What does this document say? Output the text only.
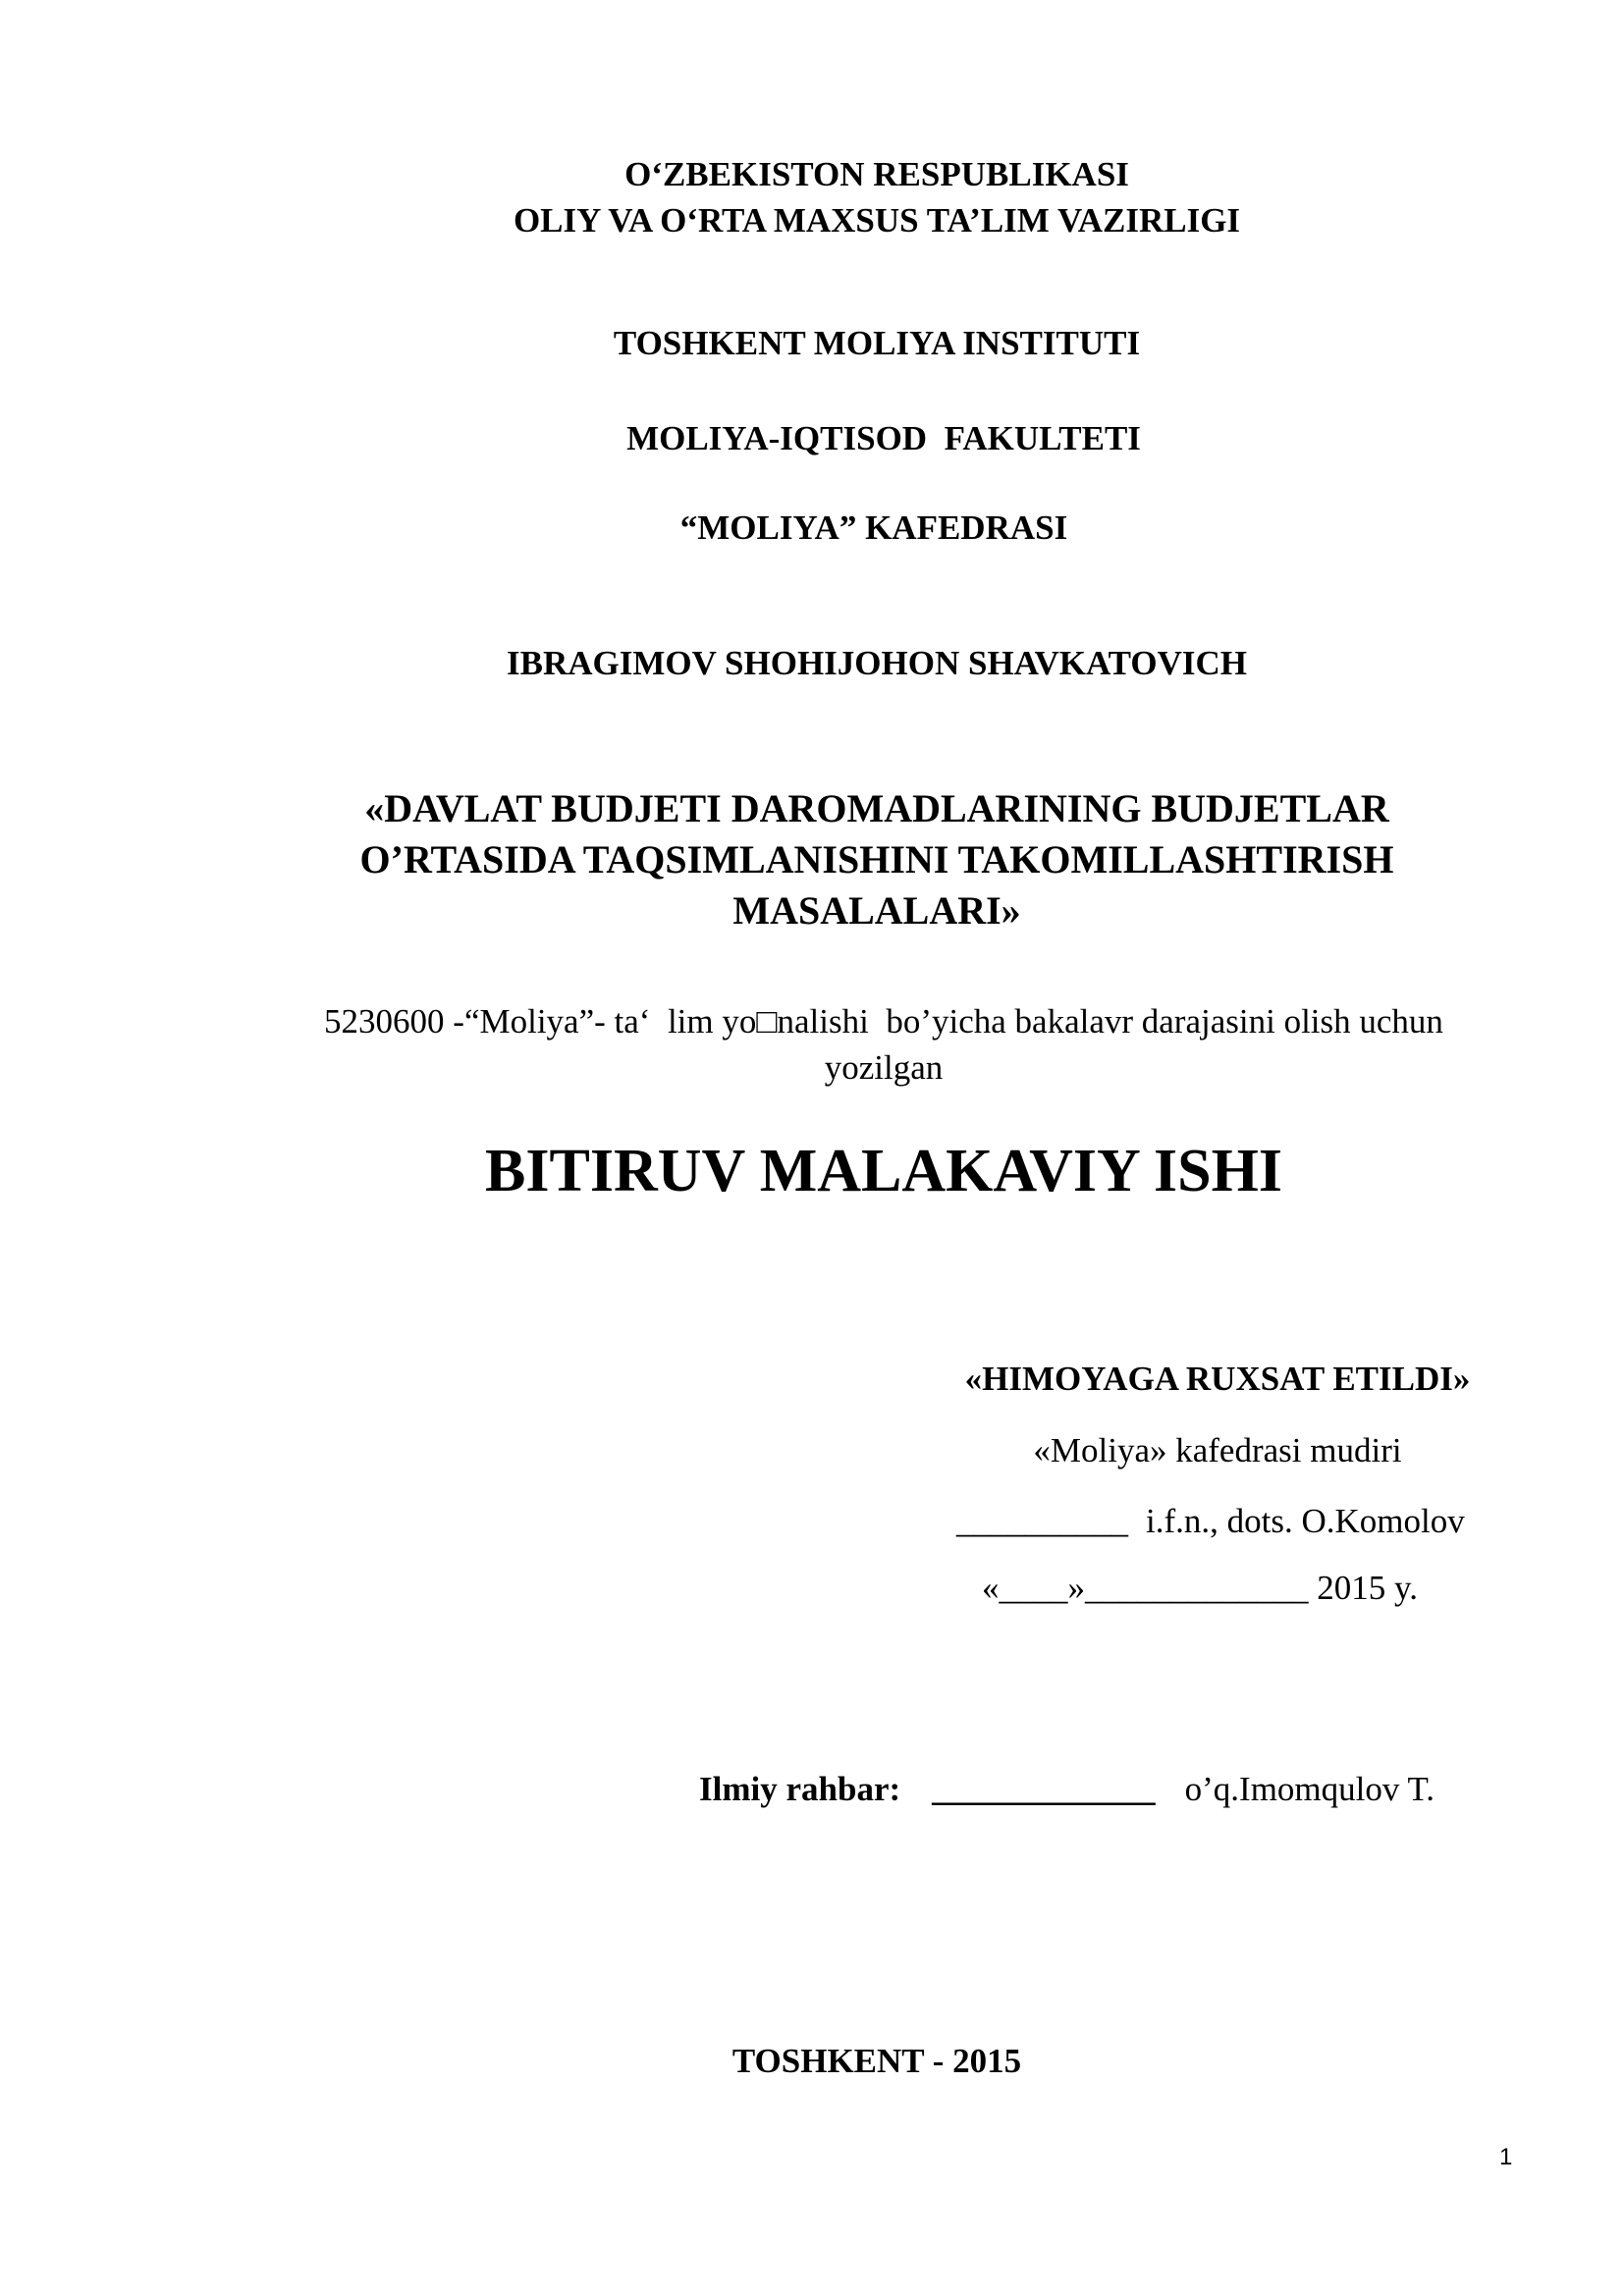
O‘ZBEKISTON RESPUBLIKASI
OLIY VA O‘RTA MAXSUS TA’LIM VAZIRLIGI
TOSHKENT MOLIYA INSTITUTI
MOLIYA-IQTISOD  FAKULTETI
“MOLIYA” KAFEDRASI
IBRAGIMOV SHOHIJOHON SHAVKATOVICH
«DAVLAT BUDJETI DAROMADLARINING BUDJETLAR
O’RTASIDA TAQSIMLANISHINI TAKOMILLASHTIRISH
MASALALARI»
5230600 -“Moliya”- ta‘  lim yo□nalishi  bo’yicha bakalavr darajasini olish uchun
yozilgan
BITIRUV MALAKAVIY ISHI
«HIMOYAGA RUXSAT ETILDI»
«Moliya» kafedrasi mudiri
__________ i.f.n., dots. O.Komolov
«____»_____________ 2015 y.
Ilmiy rahbar: _____________ o’q.Imomqulov T.
TOSHKENT - 2015
1
